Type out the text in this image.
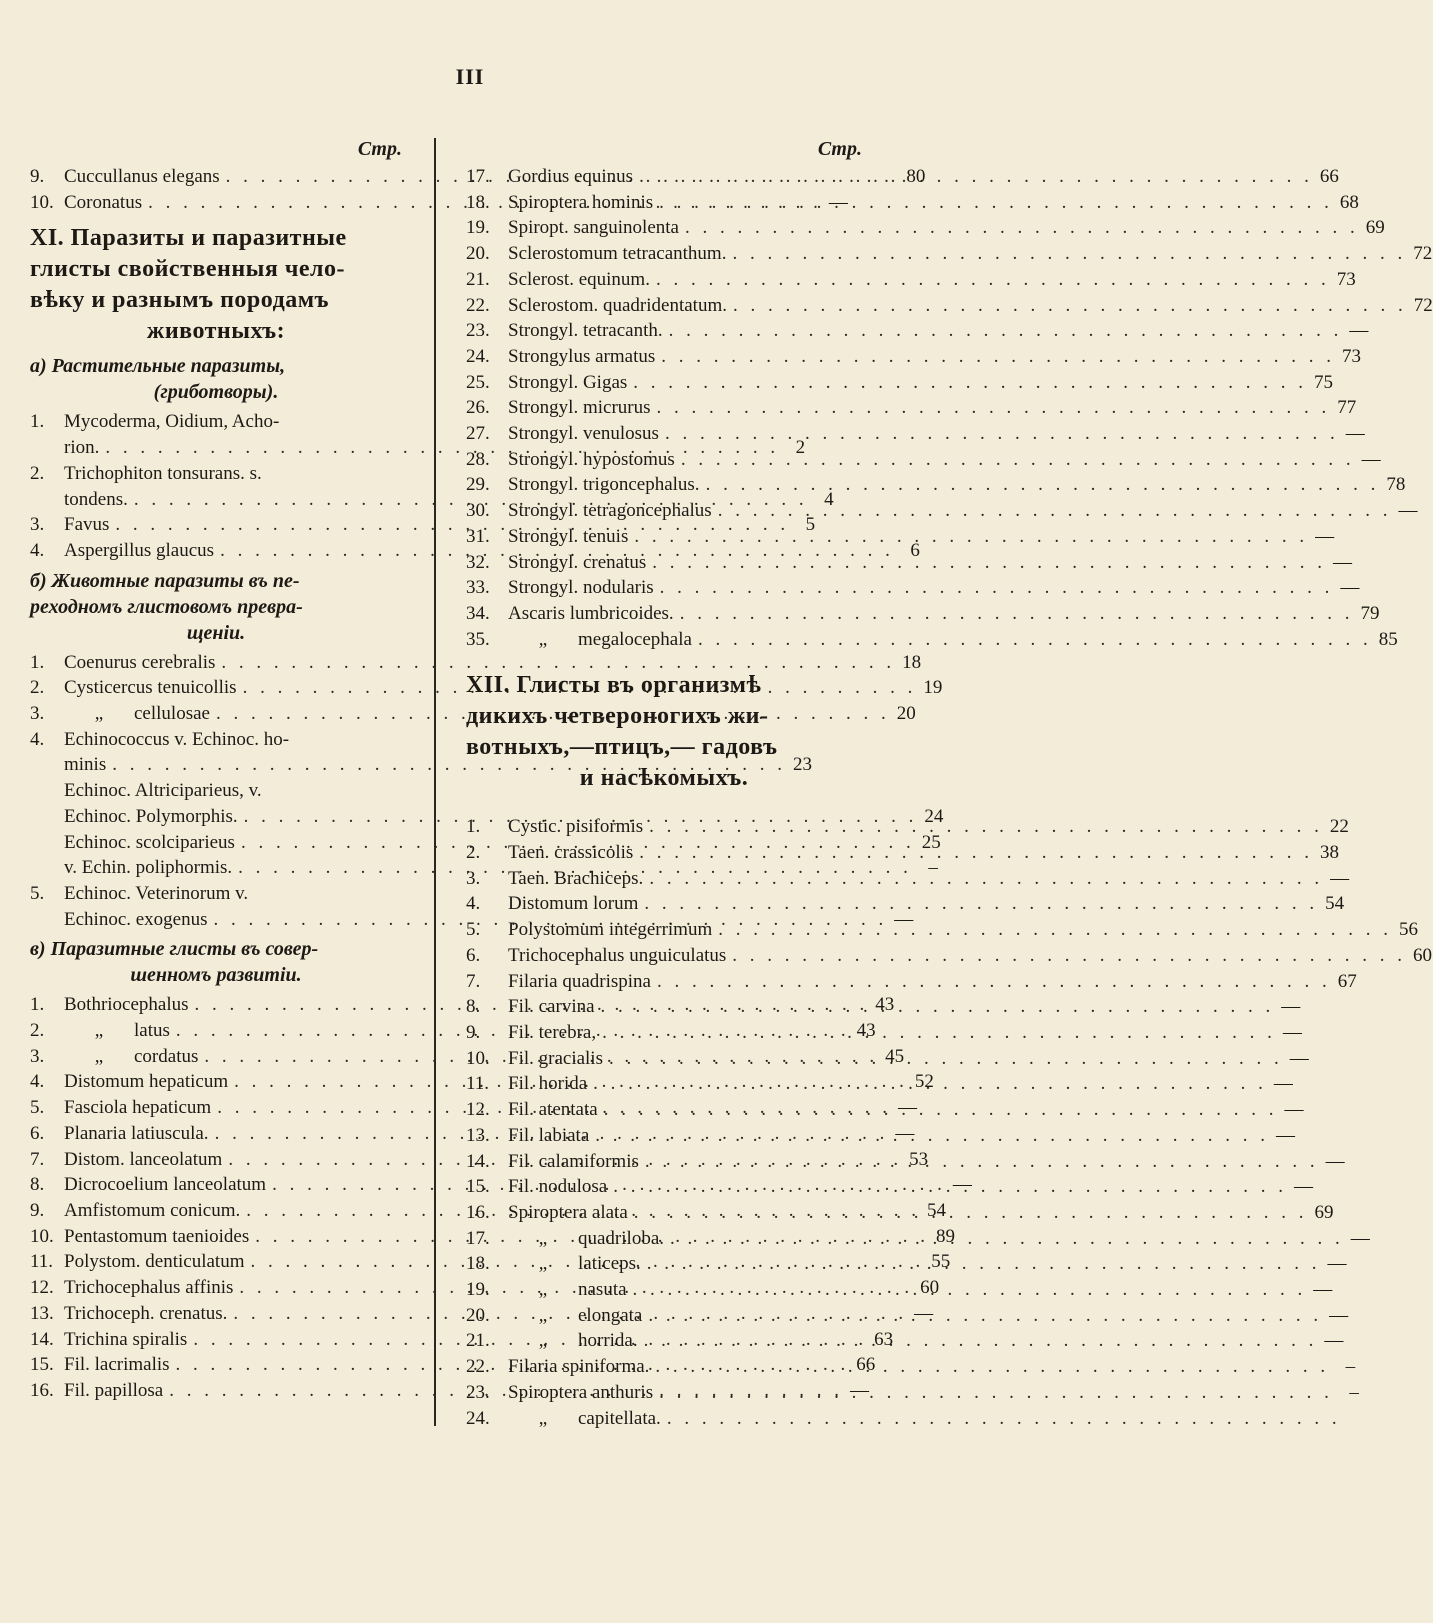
III
Стр.
9.	Cuccullanus elegans . . .	80
10. Coronatus . . .	—
XI. Паразиты и паразитные
глисты свойственныя чело-
вѣку и разнымъ породамъ
животныхъ:
а) Растительные паразиты,
(гриботворы).
1.	Mycoderma, Oidium, Acho-
rion. . . .	2
2.	Trichophiton tonsurans. s.
tondens. . . .	4
3.	Favus . . .	5
4.	Aspergillus glaucus . . .	6
б) Животные паразиты въ пе-
реходномъ глистовомъ превра-
щеніи.
1.	Coenurus cerebralis . . .	18
2.	Cysticercus tenuicollis . . .	19
3.	„ cellulosae . . .	20
4.	Echinococcus v. Echinoc. ho-
minis . . .	23
Echinoc. Altriciparieus, v.
Echinoc. Polymorphis. . . .	24
Echinoc. scolciparieus . . .	25
v. Echin. poliphormis. . . .	–
5.	Echinoc. Veterinorum v.
Echinoc. exogenus . . .	—
в) Паразитные глисты въ совер-
шенномъ развитіи.
1.	Bothriocephalus . . .	43
2.	„ latus . . .	43
3.	„ cordatus . . .	45
4.	Distomum hepaticum . . .	52
5.	Fasciola hepaticum . . .	—
6.	Planaria latiuscula. . . .	—
7.	Distom. lanceolatum . . .	53
8.	Dicrocoelium lanceolatum . . .	—
9.	Amfistomum conicum. . . .	54
10. Pentastomum taenioides . . .	89
11. Polystom. denticulatum . . .	55
12. Trichocephalus affinis . . .	60
13. Trichoceph. crenatus. . . .	—
14. Trichina spiralis . . .	63
15. Fil. lacrimalis . . .	66
16. Fil. papillosa . . .	—
Стр.
17. Gordius equinus . . .	66
18. Spiroptera hominis . . .	68
19. Spiropt. sanguinolenta . . .	69
20. Sclerostomum tetracanthum. . . .	72
21. Sclerost. equinum. . . .	73
22. Sclerostom. quadridentatum. . . .	72
23. Strongyl. tetracanth. . . .	—
24. Strongylus armatus . . .	73
25. Strongyl. Gigas . . .	75
26. Strongyl. micrurus . . .	77
27. Strongyl. venulosus . . .	—
28. Strongyl. hypostomus . . .	—
29. Strongyl. trigoncephalus. . . .	78
30. Strongyl. tetragoncephalus . . .	—
31. Strongyl. tenuis . . .	—
32. Strongyl. crenatus . . .	—
33. Strongyl. nodularis . . .	—
34. Ascaris lumbricoides. . . .	79
35.	„ megalocephala . . .	85
XII. Глисты въ организмѣ
дикихъ четвероногихъ жи-
вотныхъ,—птицъ,— гадовъ
и насѣкомыхъ.
1.	Cystic. pisiformis . . .	22
2.	Taen. crassicolis . . .	38
3.	Taen. Brachiceps. . . .	—
4.	Distomum lorum . . .	54
5.	Polystomum integerrimum . . .	56
6.	Trichocephalus unguiculatus . . .	60
7.	Filaria quadrispina . . .	67
8.	Fil. carvina . . .	—
9.	Fil. terebra, . . .	—
10. Fil. gracialis . . .	—
11. Fil. horida . . .	—
12. Fil. atentata . . .	—
13. Fil. labiata . . .	—
14. Fil. calamiformis . . .	—
15. Fil. nodulosa . . .	—
16. Spiroptera alata . . .	69
17.	„ quadriloba. . . .	—
18.	„ laticeps. . . .	—
19.	„ nasuta . . .	—
20.	„ elongata . . .	—
21.	„ horrida. . . .	—
22. Filaria spiniforma. . . .	–
23. Spiroptera anthuris . . .	–
24.	„ capitellata.
. . .
